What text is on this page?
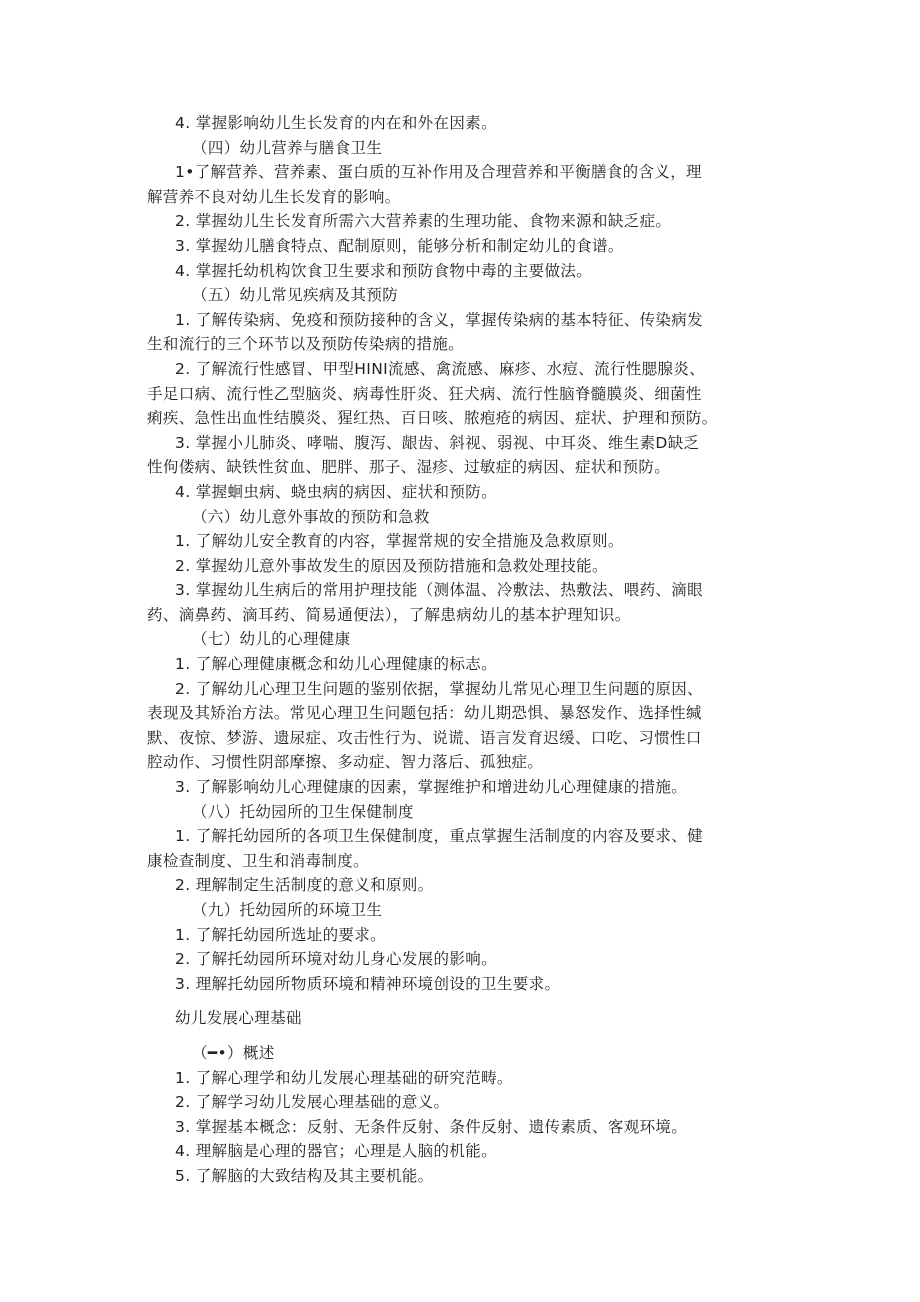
4. 掌握影响幼儿生长发育的内在和外在因素。
（四）幼儿营养与膳食卫生
1•了解营养、营养素、蛋白质的互补作用及合理营养和平衡膳食的含义，理
解营养不良对幼儿生长发育的影响。
2. 掌握幼儿生长发育所需六大营养素的生理功能、食物来源和缺乏症。
3. 掌握幼儿膳食特点、配制原则，能够分析和制定幼儿的食谱。
4. 掌握托幼机构饮食卫生要求和预防食物中毒的主要做法。
（五）幼儿常见疾病及其预防
1. 了解传染病、免疫和预防接种的含义，掌握传染病的基本特征、传染病发
生和流行的三个环节以及预防传染病的措施。
2. 了解流行性感冒、甲型HINI流感、禽流感、麻疹、水痘、流行性腮腺炎、
手足口病、流行性乙型脑炎、病毒性肝炎、狂犬病、流行性脑脊髓膜炎、细菌性
痢疾、急性出血性结膜炎、猩红热、百日咳、脓疱疮的病因、症状、护理和预防。
3. 掌握小儿肺炎、哮喘、腹泻、龈齿、斜视、弱视、中耳炎、维生素D缺乏
性佝偻病、缺铁性贫血、肥胖、那子、湿疹、过敏症的病因、症状和预防。
4. 掌握蛔虫病、蛲虫病的病因、症状和预防。
（六）幼儿意外事故的预防和急救
1. 了解幼儿安全教育的内容，掌握常规的安全措施及急救原则。
2. 掌握幼儿意外事故发生的原因及预防措施和急救处理技能。
3. 掌握幼儿生病后的常用护理技能（测体温、冷敷法、热敷法、喂药、滴眼
药、滴鼻药、滴耳药、简易通便法），了解患病幼儿的基本护理知识。
（七）幼儿的心理健康
1. 了解心理健康概念和幼儿心理健康的标志。
2. 了解幼儿心理卫生问题的鉴别依据，掌握幼儿常见心理卫生问题的原因、
表现及其矫治方法。常见心理卫生问题包括：幼儿期恐惧、暴怒发作、选择性缄
默、夜惊、梦游、遗尿症、攻击性行为、说谎、语言发育迟缓、口吃、习惯性口
腔动作、习惯性阴部摩擦、多动症、智力落后、孤独症。
3. 了解影响幼儿心理健康的因素，掌握维护和增进幼儿心理健康的措施。
（八）托幼园所的卫生保健制度
1. 了解托幼园所的各项卫生保健制度，重点掌握生活制度的内容及要求、健
康检查制度、卫生和消毒制度。
2. 理解制定生活制度的意义和原则。
（九）托幼园所的环境卫生
1. 了解托幼园所选址的要求。
2. 了解托幼园所环境对幼儿身心发展的影响。
3. 理解托幼园所物质环境和精神环境创设的卫生要求。
幼儿发展心理基础
（━•）概述
1. 了解心理学和幼儿发展心理基础的研究范畴。
2. 了解学习幼儿发展心理基础的意义。
3. 掌握基本概念：反射、无条件反射、条件反射、遗传素质、客观环境。
4. 理解脑是心理的器官；心理是人脑的机能。
5. 了解脑的大致结构及其主要机能。
